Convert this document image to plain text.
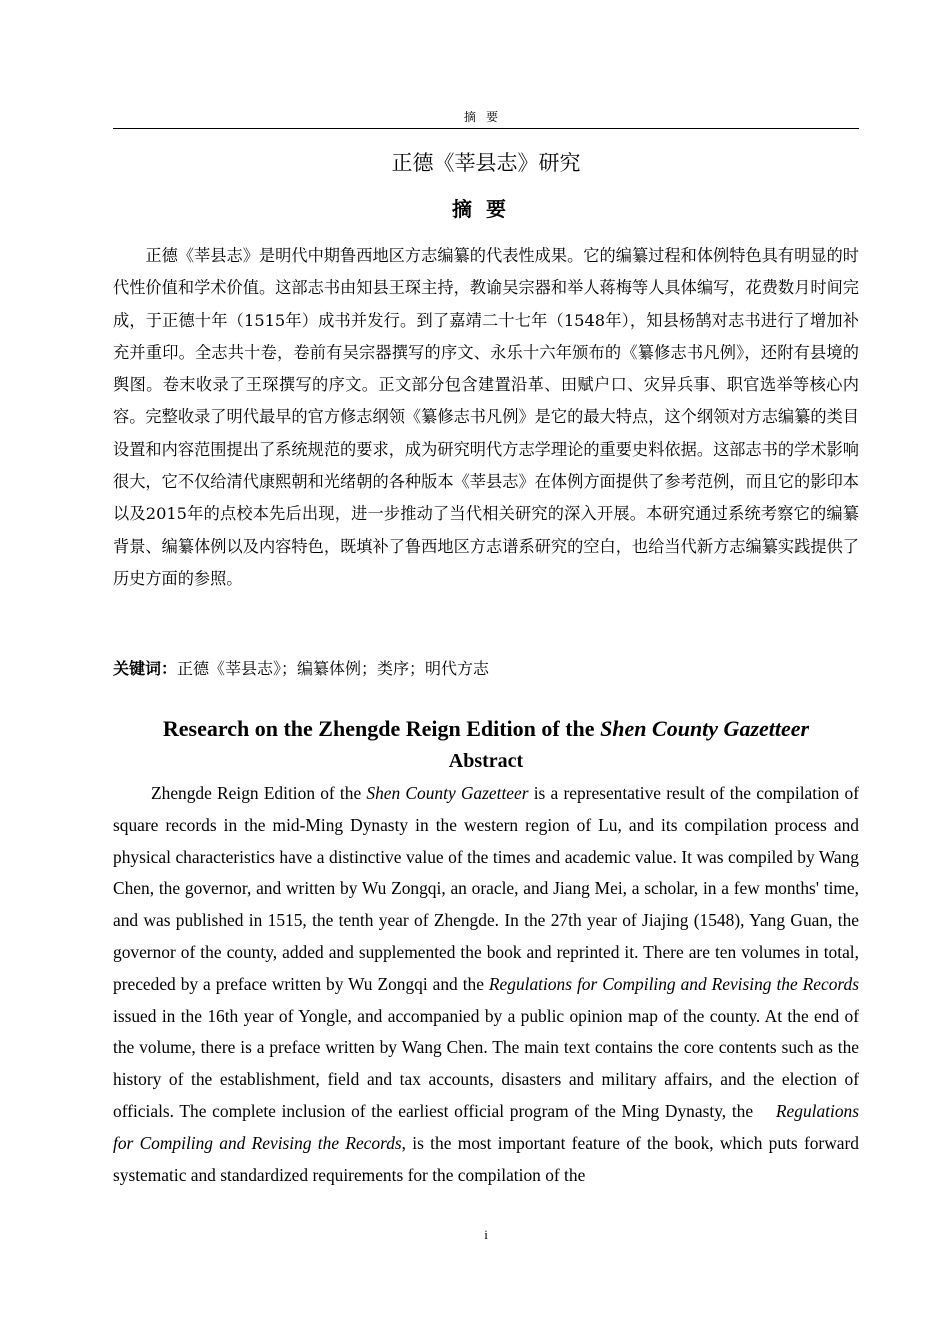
摘要
正德《莘县志》研究
摘要

正德《莘县志》是明代中期鲁西地区方志编纂的代表性成果。它的编纂过程和体例特色具有明显的时代性价值和学术价值。这部志书由知县王琛主持，教谕吴宗器和举人蒋梅等人具体编写，花费数月时间完成，于正德十年（1515年）成书并发行。到了嘉靖二十七年（1548年），知县杨鹄对志书进行了增加补充并重印。全志共十卷，卷前有吴宗器撰写的序文、永乐十六年颁布的《纂修志书凡例》，还附有县境的舆图。卷末收录了王琛撰写的序文。正文部分包含建置沿革、田赋户口、灾异兵事、职官选举等核心内容。完整收录了明代最早的官方修志纲领《纂修志书凡例》是它的最大特点，这个纲领对方志编纂的类目设置和内容范围提出了系统规范的要求，成为研究明代方志学理论的重要史料依据。这部志书的学术影响很大，它不仅给清代康熙朝和光绪朝的各种版本《莘县志》在体例方面提供了参考范例，而且它的影印本以及2015年的点校本先后出现，进一步推动了当代相关研究的深入开展。本研究通过系统考察它的编纂背景、编纂体例以及内容特色，既填补了鲁西地区方志谱系研究的空白，也给当代新方志编纂实践提供了历史方面的参照。

关键词：正德《莘县志》；编纂体例；类序；明代方志
Research on the Zhengde Reign Edition of the Shen County Gazetteer
Abstract

Zhengde Reign Edition of the Shen County Gazetteer is a representative result of the compilation of square records in the mid-Ming Dynasty in the western region of Lu, and its compilation process and physical characteristics have a distinctive value of the times and academic value. It was compiled by Wang Chen, the governor, and written by Wu Zongqi, an oracle, and Jiang Mei, a scholar, in a few months' time, and was published in 1515, the tenth year of Zhengde. In the 27th year of Jiajing (1548), Yang Guan, the governor of the county, added and supplemented the book and reprinted it. There are ten volumes in total, preceded by a preface written by Wu Zongqi and the Regulations for Compiling and Revising the Records issued in the 16th year of Yongle, and accompanied by a public opinion map of the county. At the end of the volume, there is a preface written by Wang Chen. The main text contains the core contents such as the history of the establishment, field and tax accounts, disasters and military affairs, and the election of officials. The complete inclusion of the earliest official program of the Ming Dynasty, the    Regulations for Compiling and Revising the Records, is the most important feature of the book, which puts forward systematic and standardized requirements for the compilation of the

i
